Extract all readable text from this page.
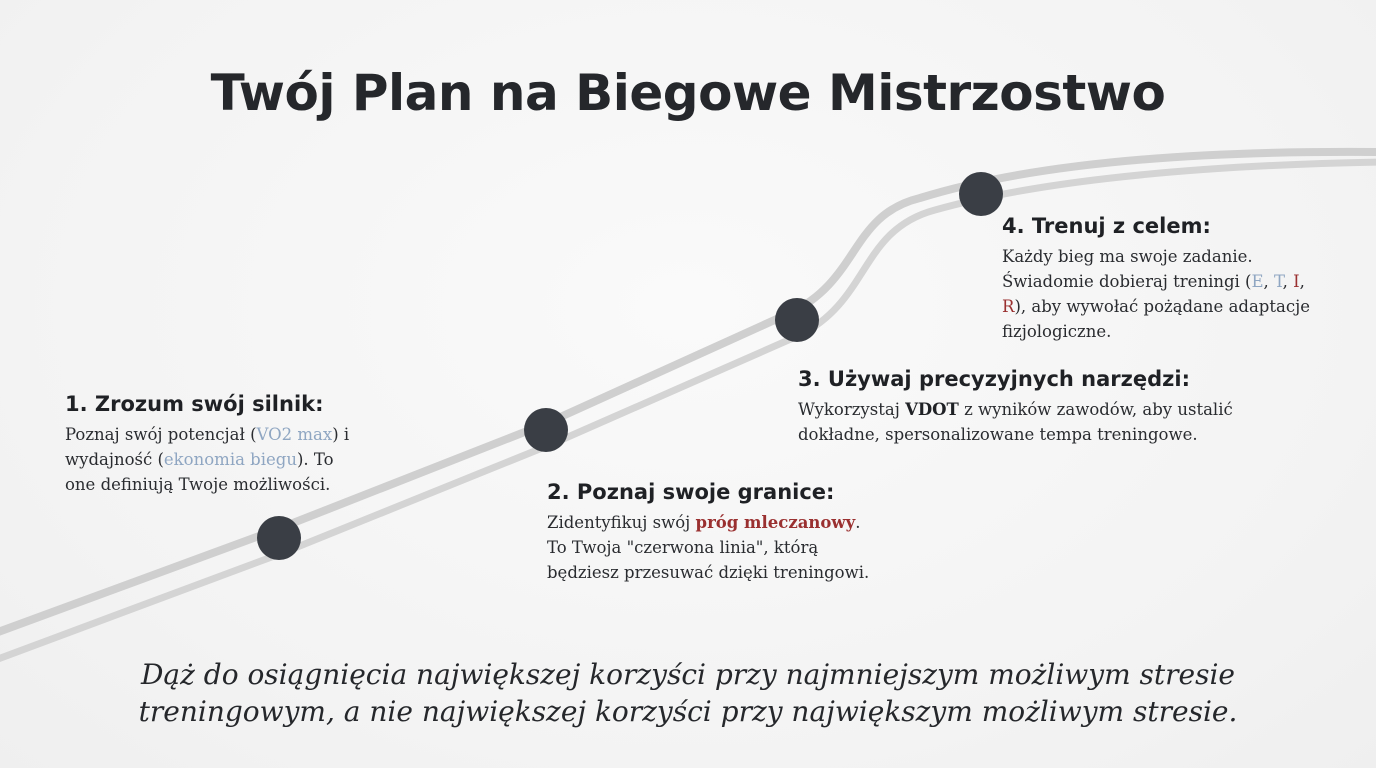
Twój Plan na Biegowe Mistrzostwo
1. Zrozum swój silnik:

Poznaj swój potencjał (VO2 max) i wydajność (ekonomia biegu). To one definiują Twoje możliwości.	2. Poznaj swoje granice:

Zidentyfikuj swój próg mleczanowy. To Twoja "czerwona linia", którą będziesz przesuwać dzięki treningowi.

3. Używaj precyzyjnych narzędzi:

Wykorzystaj VDOT z wyników zawodów, aby ustalić dokładne, spersonalizowane tempa treningowe.

4. Trenuj z celem:

Każdy bieg ma swoje zadanie. Świadomie dobieraj treningi (E, T, I, R), aby wywołać pożądane adaptacje fizjologiczne.

Dąż do osiągnięcia największej korzyści przy najmniejszym możliwym stresie
treningowym, a nie największej korzyści przy największym możliwym stresie.
